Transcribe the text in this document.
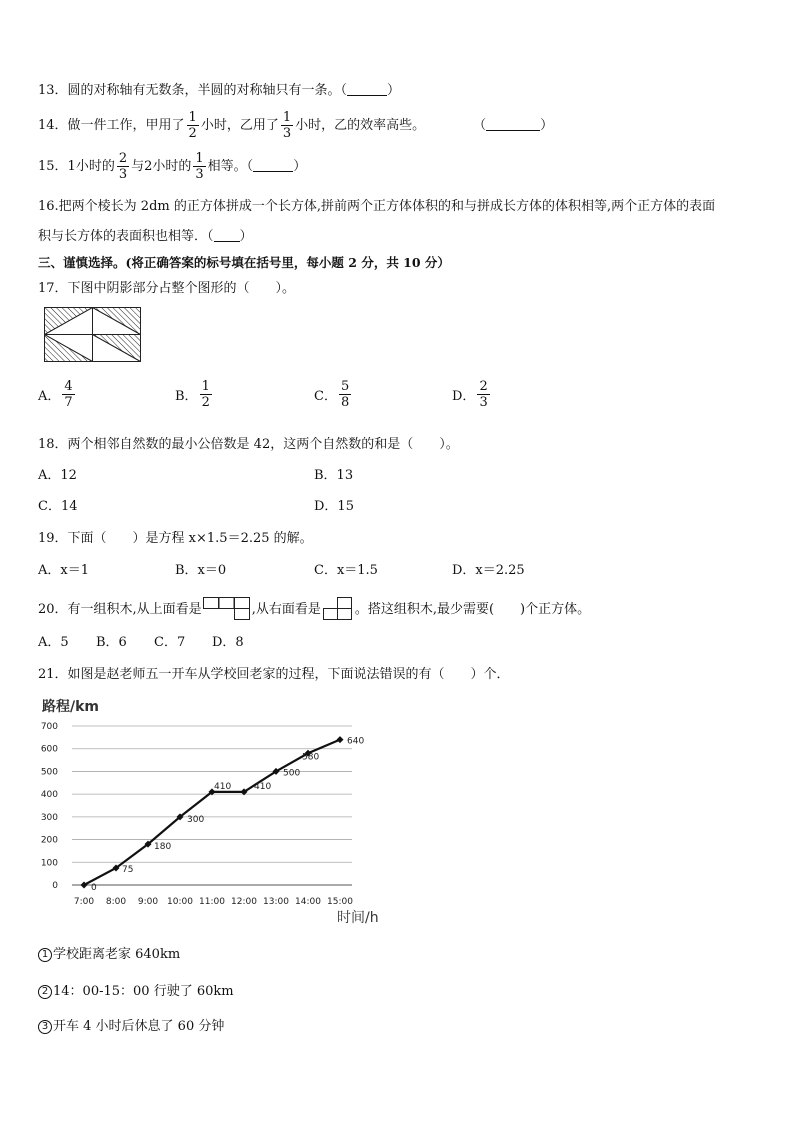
13．圆的对称轴有无数条，半圆的对称轴只有一条。（	）
14．做一件工作，甲用了 $\frac{1}{2}$ 小时，乙用了 $\frac{1}{3}$ 小时，乙的效率高些。	（	）
15．1小时的 $\frac{2}{3}$ 与2小时的 $\frac{1}{3}$ 相等。（	）
16.把两个棱长为 2dm 的正方体拼成一个长方体,拼前两个正方体体积的和与拼成长方体的体积相等,两个正方体的表面
积与长方体的表面积也相等．（ ）
三、谨慎选择。(将正确答案的标号填在括号里，每小题 2 分，共 10 分）
17．下图中阴影部分占整个图形的（　　）。
A． $\frac{4}{7}$	B． $\frac{1}{2}$	C． $\frac{5}{8}$	D． $\frac{2}{3}$
18．两个相邻自然数的最小公倍数是 42，这两个自然数的和是（　　）。
A．12	B．13
C．14	D．15
19．下面（　　）是方程 x×1.5＝2.25 的解。
A．x＝1	B．x＝0	C．x＝1.5	D．x＝2.25
20．有一组积木,从上面看是	,从右面看是	。搭这组积木,最少需要(　　)个正方体。
A．5 B．6 C．7 D．8
21．如图是赵老师五一开车从学校回老家的过程，下面说法错误的有（　　）个．
路程/km
0
100
200
300
400
500
600
700
7:00 8:00 9:00 10:00 11:00 12:00 13:00 14:00 15:00
0
75
180
300
410	410
500
580
640
时间/h
1 学校距离老家 640km
2 14：00-15：00 行驶了 60km
3 开车 4 小时后休息了 60 分钟
